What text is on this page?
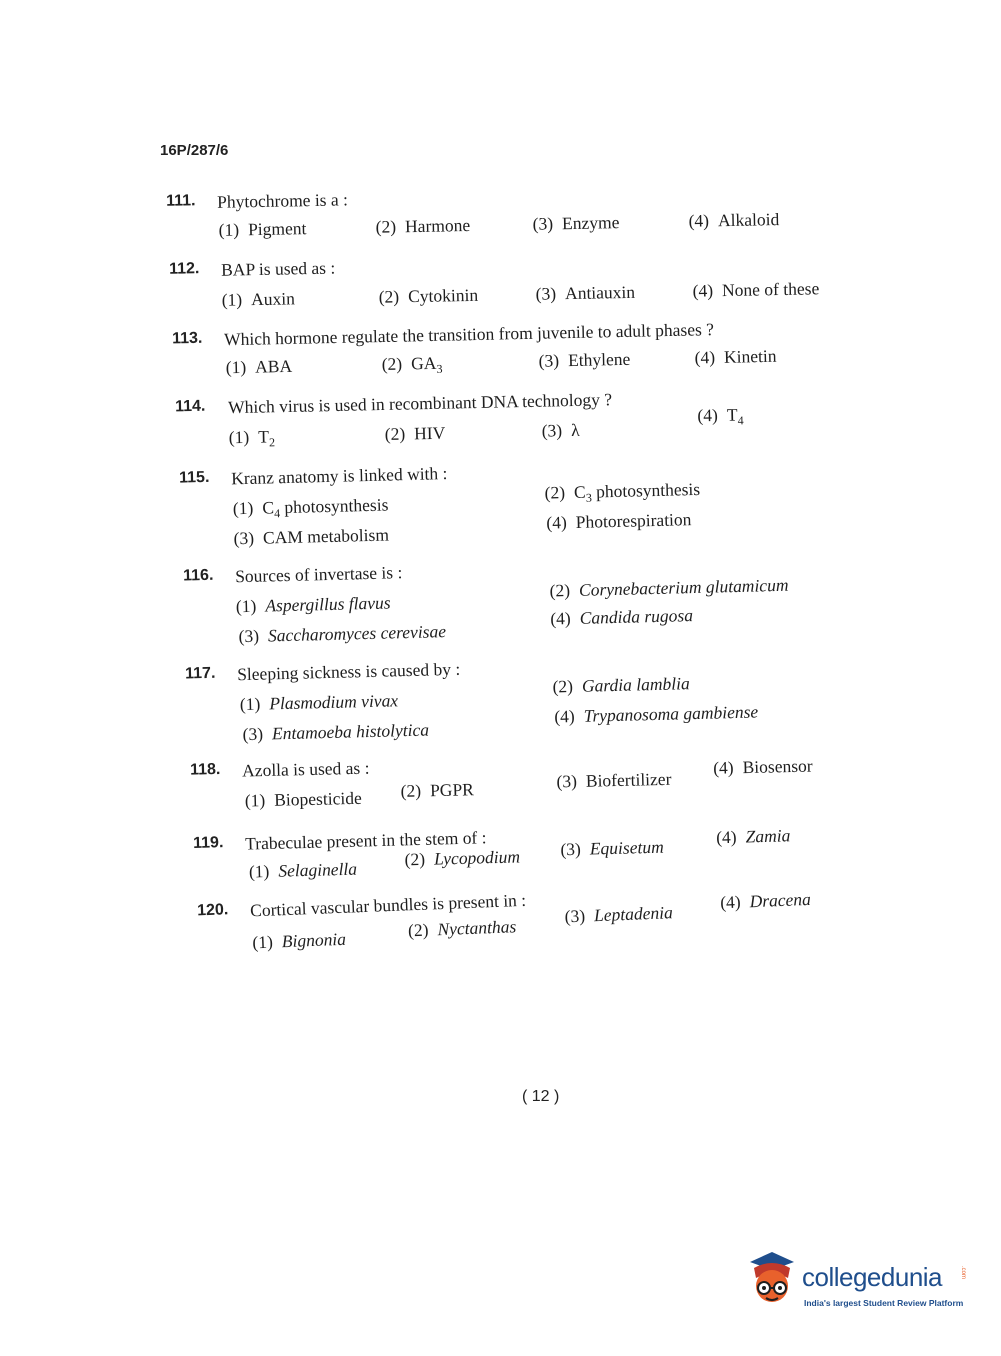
16P/287/6
111. Phytochrome is a :
(1) Pigment	(2) Harmone	(3) Enzyme	(4) Alkaloid
112. BAP is used as :
(1) Auxin	(2) Cytokinin	(3) Antiauxin	(4) None of these
113. Which hormone regulate the transition from juvenile to adult phases ?
(1) ABA	(2) $GA_3$	(3) Ethylene	(4) Kinetin
114. Which virus is used in recombinant DNA technology ?
(1) $T_2$	(2) HIV	(3) λ
(4) $T_4$
115. Kranz anatomy is linked with :
(1) $C_4$ photosynthesis
(2) $C_3$ photosynthesis
(3) CAM metabolism
(4) Photorespiration
116. Sources of invertase is :
(1) Aspergillus flavus
(2) Corynebacterium glutamicum
(3) Saccharomyces cerevisae
(4) Candida rugosa
117. Sleeping sickness is caused by :
(1) Plasmodium vivax
(2) Gardia lamblia
(3) Entamoeba histolytica
(4) Trypanosoma gambiense
118. Azolla is used as :
(1) Biopesticide (2) PGPR	(3) Biofertilizer
(4) Biosensor
119. Trabeculae present in the stem of :
(1) Selaginella	(2) Lycopodium (3) Equisetum	(4) Zamia
120. Cortical vascular bundles is present in :
(1) Bignonia	(2) Nyctanthas
(3) Leptadenia
(4) Dracena
( 12 )
collegedunia	.com
India's largest Student Review Platform
